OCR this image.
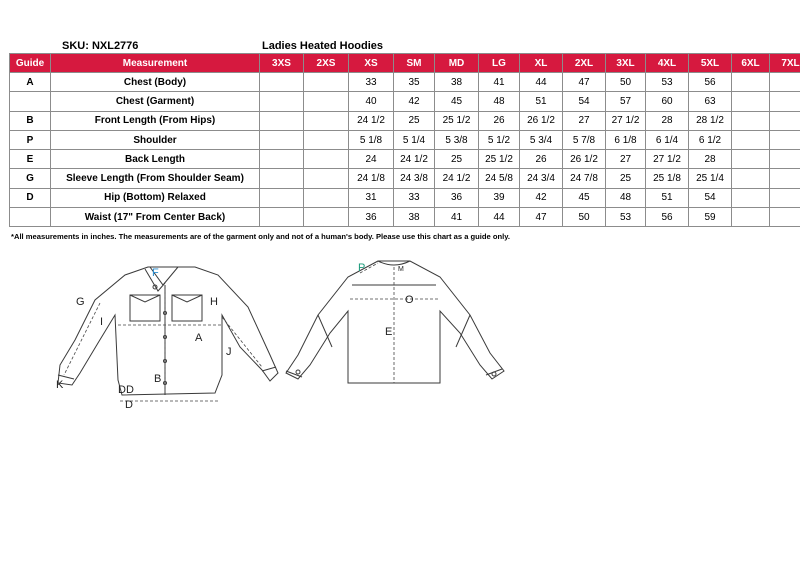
SKU: NXL2776	Ladies Heated Hoodies
Guide	Measurement	3XS	2XS	XS	SM	MD	LG	XL	2XL	3XL	4XL	5XL	6XL	7XL
A	Chest (Body)			33	35	38	41	44	47	50	53	56		
	Chest (Garment)			40	42	45	48	51	54	57	60	63		
B	Front Length (From Hips)			24 1/2	25	25 1/2	26	26 1/2	27	27 1/2	28	28 1/2		
P	Shoulder			5 1/8	5 1/4	5 3/8	5 1/2	5 3/4	5 7/8	6 1/8	6 1/4	6 1/2		
E	Back Length			24	24 1/2	25	25 1/2	26	26 1/2	27	27 1/2	28		
G	Sleeve Length (From Shoulder Seam)			24 1/8	24 3/8	24 1/2	24 5/8	24 3/4	24 7/8	25	25 1/8	25 1/4		
D	Hip (Bottom) Relaxed			31	33	36	39	42	45	48	51	54		
	Waist (17" From Center Back)			36	38	41	44	47	50	53	56	59		
*All measurements in inches. The measurements are of the garment only and not of a human's body. Please use this chart as a guide only.
G	H
I
A
J
K	B
DD
D
F	P	M
O
E
